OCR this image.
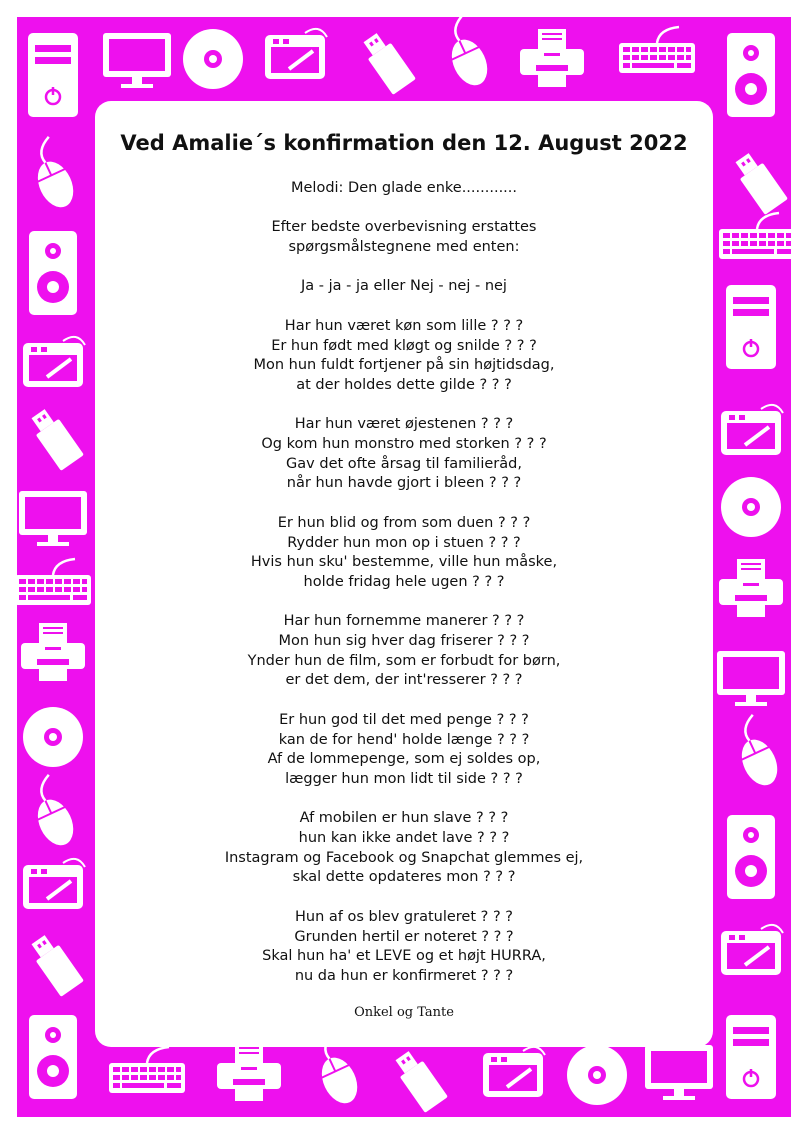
Ved Amalie´s konfirmation den 12. August 2022

Melodi: Den glade enke............

Efter bedste overbevisning erstattes
spørgsmålstegnene med enten:

Ja - ja - ja eller Nej - nej - nej

Har hun været køn som lille ? ? ?
Er hun født med kløgt og snilde ? ? ?
Mon hun fuldt fortjener på sin højtidsdag,
at der holdes dette gilde ? ? ?

Har hun været øjestenen ? ? ?
Og kom hun monstro med storken ? ? ?
Gav det ofte årsag til familieråd,
når hun havde gjort i bleen ? ? ?

Er hun blid og from som duen ? ? ?
Rydder hun mon op i stuen ? ? ?
Hvis hun sku' bestemme, ville hun måske,
holde fridag hele ugen ? ? ?

Har hun fornemme manerer ? ? ?
Mon hun sig hver dag friserer ? ? ?
Ynder hun de film, som er forbudt for børn,
er det dem, der int'resserer ? ? ?

Er hun god til det med penge ? ? ?
kan de for hend' holde længe ? ? ?
Af de lommepenge, som ej soldes op,
lægger hun mon lidt til side ? ? ?

Af mobilen er hun slave ? ? ?
hun kan ikke andet lave ? ? ?
Instagram og Facebook og Snapchat glemmes ej,
skal dette opdateres mon ? ? ?

Hun af os blev gratuleret ? ? ?
Grunden hertil er noteret ? ? ?
Skal hun ha' et LEVE og et højt HURRA,
nu da hun er konfirmeret ? ? ?

Onkel og Tante
